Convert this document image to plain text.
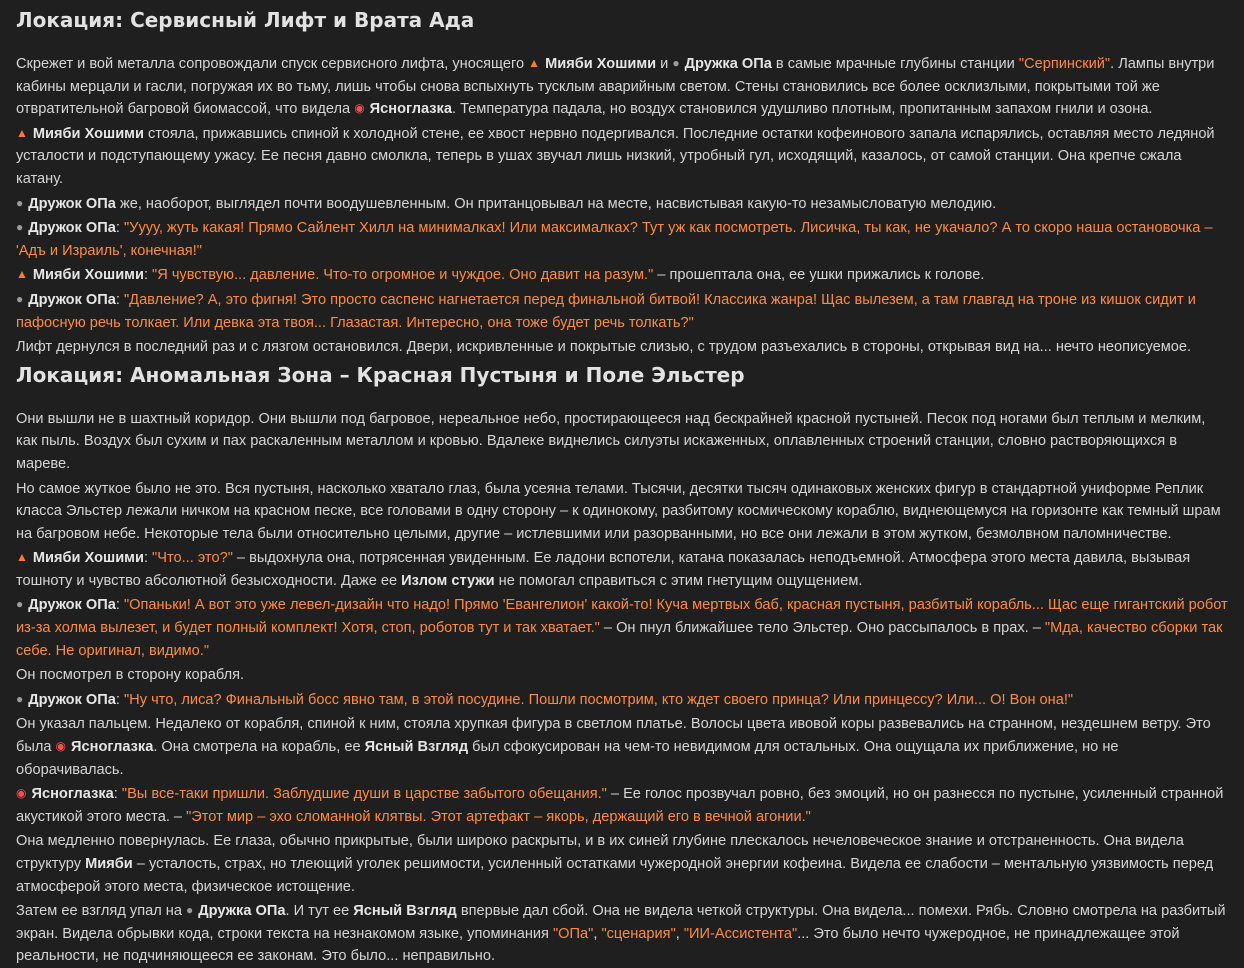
Локация: Сервисный Лифт и Врата Ада

Скрежет и вой металла сопровождали спуск сервисного лифта, уносящего ▲ Мияби Хошими и ● Дружка ОПа в самые мрачные глубины станции "Серпинский". Лампы внутри кабины мерцали и гасли, погружая их во тьму, лишь чтобы снова вспыхнуть тусклым аварийным светом. Стены становились все более осклизлыми, покрытыми той же отвратительной багровой биомассой, что видела ◉ Ясноглазка. Температура падала, но воздух становился удушливо плотным, пропитанным запахом гнили и озона.

▲ Мияби Хошими стояла, прижавшись спиной к холодной стене, ее хвост нервно подергивался. Последние остатки кофеинового запала испарялись, оставляя место ледяной усталости и подступающему ужасу. Ее песня давно смолкла, теперь в ушах звучал лишь низкий, утробный гул, исходящий, казалось, от самой станции. Она крепче сжала катану.

● Дружок ОПа же, наоборот, выглядел почти воодушевленным. Он пританцовывал на месте, насвистывая какую-то незамысловатую мелодию.

● Дружок ОПа: "Уууу, жуть какая! Прямо Сайлент Хилл на минималках! Или максималках? Тут уж как посмотреть. Лисичка, ты как, не укачало? А то скоро наша остановочка – 'Адъ и Израиль', конечная!"

▲ Мияби Хошими: "Я чувствую... давление. Что-то огромное и чуждое. Оно давит на разум." – прошептала она, ее ушки прижались к голове.

● Дружок ОПа: "Давление? А, это фигня! Это просто саспенс нагнетается перед финальной битвой! Классика жанра! Щас вылезем, а там главгад на троне из кишок сидит и пафосную речь толкает. Или девка эта твоя... Глазастая. Интересно, она тоже будет речь толкать?"

Лифт дернулся в последний раз и с лязгом остановился. Двери, искривленные и покрытые слизью, с трудом разъехались в стороны, открывая вид на... нечто неописуемое.

Локация: Аномальная Зона – Красная Пустыня и Поле Эльстер

Они вышли не в шахтный коридор. Они вышли под багровое, нереальное небо, простирающееся над бескрайней красной пустыней. Песок под ногами был теплым и мелким, как пыль. Воздух был сухим и пах раскаленным металлом и кровью. Вдалеке виднелись силуэты искаженных, оплавленных строений станции, словно растворяющихся в мареве.

Но самое жуткое было не это. Вся пустыня, насколько хватало глаз, была усеяна телами. Тысячи, десятки тысяч одинаковых женских фигур в стандартной униформе Реплик класса Эльстер лежали ничком на красном песке, все головами в одну сторону – к одинокому, разбитому космическому кораблю, виднеющемуся на горизонте как темный шрам на багровом небе. Некоторые тела были относительно целыми, другие – истлевшими или разорванными, но все они лежали в этом жутком, безмолвном паломничестве.

▲ Мияби Хошими: "Что... это?" – выдохнула она, потрясенная увиденным. Ее ладони вспотели, катана показалась неподъемной. Атмосфера этого места давила, вызывая тошноту и чувство абсолютной безысходности. Даже ее Излом стужи не помогал справиться с этим гнетущим ощущением.

● Дружок ОПа: "Опаньки! А вот это уже левел-дизайн что надо! Прямо 'Евангелион' какой-то! Куча мертвых баб, красная пустыня, разбитый корабль... Щас еще гигантский робот из-за холма вылезет, и будет полный комплект! Хотя, стоп, роботов тут и так хватает." – Он пнул ближайшее тело Эльстер. Оно рассыпалось в прах. – "Мда, качество сборки так себе. Не оригинал, видимо."

Он посмотрел в сторону корабля.

● Дружок ОПа: "Ну что, лиса? Финальный босс явно там, в этой посудине. Пошли посмотрим, кто ждет своего принца? Или принцессу? Или... О! Вон она!"

Он указал пальцем. Недалеко от корабля, спиной к ним, стояла хрупкая фигура в светлом платье. Волосы цвета ивовой коры развевались на странном, нездешнем ветру. Это была ◉ Ясноглазка. Она смотрела на корабль, ее Ясный Взгляд был сфокусирован на чем-то невидимом для остальных. Она ощущала их приближение, но не оборачивалась.

◉ Ясноглазка: "Вы все-таки пришли. Заблудшие души в царстве забытого обещания." – Ее голос прозвучал ровно, без эмоций, но он разнесся по пустыне, усиленный странной акустикой этого места. – "Этот мир – эхо сломанной клятвы. Этот артефакт – якорь, держащий его в вечной агонии."

Она медленно повернулась. Ее глаза, обычно прикрытые, были широко раскрыты, и в их синей глубине плескалось нечеловеческое знание и отстраненность. Она видела структуру Мияби – усталость, страх, но тлеющий уголек решимости, усиленный остатками чужеродной энергии кофеина. Видела ее слабости – ментальную уязвимость перед атмосферой этого места, физическое истощение.

Затем ее взгляд упал на ● Дружка ОПа. И тут ее Ясный Взгляд впервые дал сбой. Она не видела четкой структуры. Она видела... помехи. Рябь. Словно смотрела на разбитый экран. Видела обрывки кода, строки текста на незнакомом языке, упоминания "ОПа", "сценария", "ИИ-Ассистента"... Это было нечто чужеродное, не принадлежащее этой реальности, не подчиняющееся ее законам. Это было... неправильно.
